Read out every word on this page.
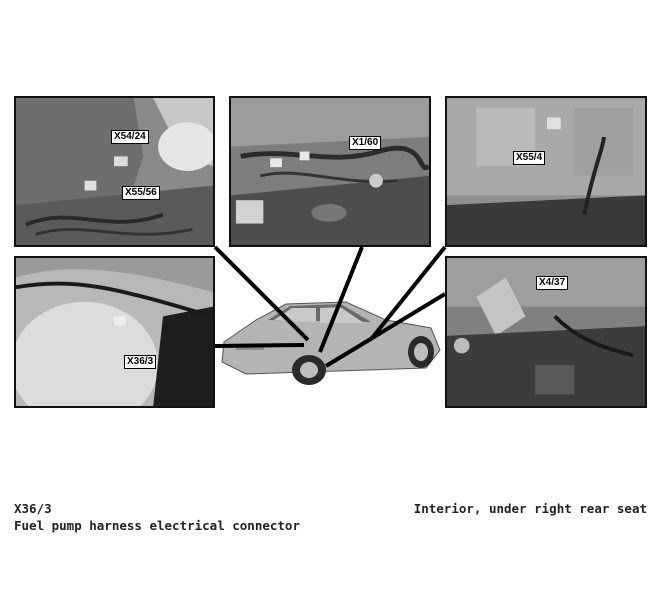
X54/24
X55/56
X1/60
X55/4
X36/3
X4/37
X36/3
Fuel pump harness electrical connector
Interior, under right rear seat
